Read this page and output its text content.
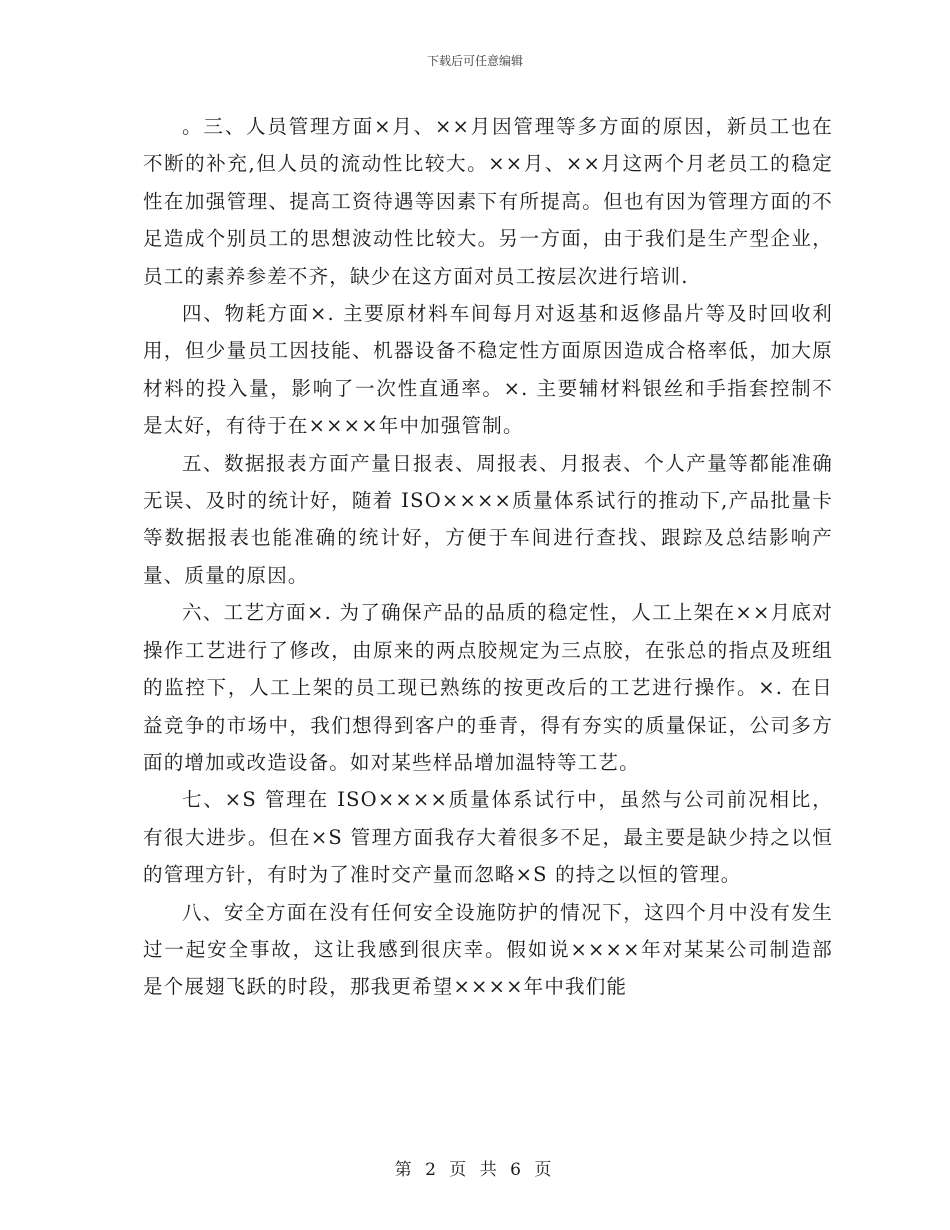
下载后可任意编辑

。三、人员管理方面×月、××月因管理等多方面的原因，新员工也在不断的补充,但人员的流动性比较大。××月、××月这两个月老员工的稳定性在加强管理、提高工资待遇等因素下有所提高。但也有因为管理方面的不足造成个别员工的思想波动性比较大。另一方面，由于我们是生产型企业，员工的素养参差不齐，缺少在这方面对员工按层次进行培训.

四、物耗方面×. 主要原材料车间每月对返基和返修晶片等及时回收利用，但少量员工因技能、机器设备不稳定性方面原因造成合格率低，加大原材料的投入量，影响了一次性直通率。×. 主要辅材料银丝和手指套控制不是太好，有待于在××××年中加强管制。

五、数据报表方面产量日报表、周报表、月报表、个人产量等都能准确无误、及时的统计好，随着 ISO××××质量体系试行的推动下,产品批量卡等数据报表也能准确的统计好，方便于车间进行查找、跟踪及总结影响产量、质量的原因。

六、工艺方面×. 为了确保产品的品质的稳定性，人工上架在××月底对操作工艺进行了修改，由原来的两点胶规定为三点胶，在张总的指点及班组的监控下，人工上架的员工现已熟练的按更改后的工艺进行操作。×. 在日益竞争的市场中，我们想得到客户的垂青，得有夯实的质量保证，公司多方面的增加或改造设备。如对某些样品增加温特等工艺。

七、×S 管理在 ISO××××质量体系试行中，虽然与公司前况相比，有很大进步。但在×S 管理方面我存大着很多不足，最主要是缺少持之以恒的管理方针，有时为了准时交产量而忽略×S 的持之以恒的管理。

八、安全方面在没有任何安全设施防护的情况下，这四个月中没有发生过一起安全事故，这让我感到很庆幸。假如说××××年对某某公司制造部是个展翅飞跃的时段，那我更希望××××年中我们能

第 2 页 共 6 页
